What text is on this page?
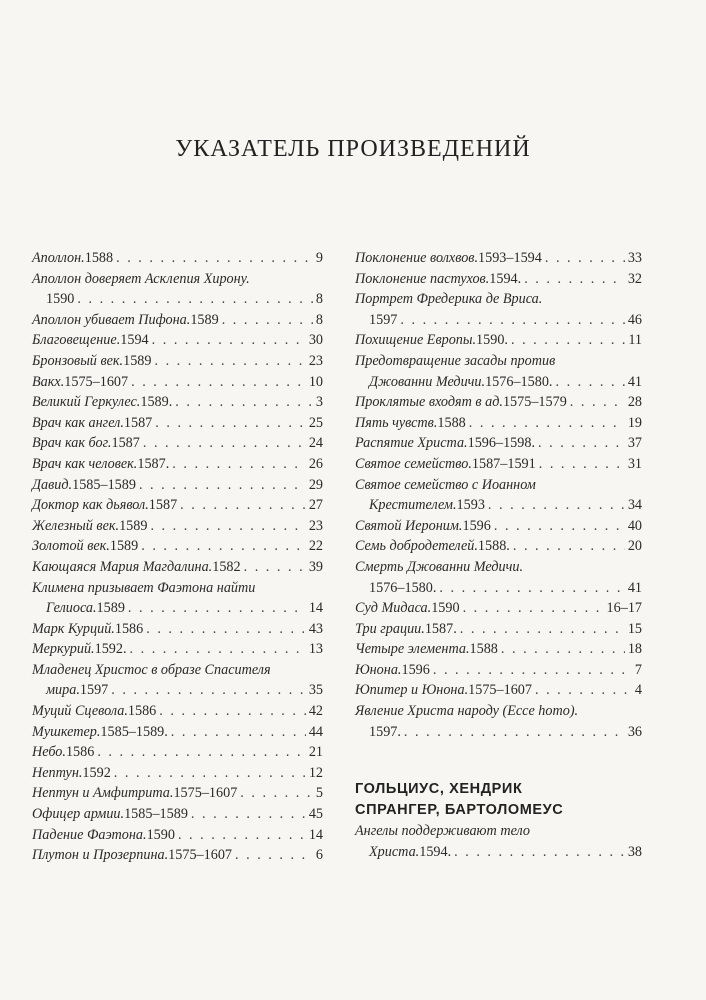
УКАЗАТЕЛЬ ПРОИЗВЕДЕНИЙ
Аполлон. 1588 . . .	9
Аполлон доверяет Асклепия Хирону.
1590 . . .	8
Аполлон убивает Пифона. 1589 . . .	8
Благовещение. 1594 . . .	30
Бронзовый век. 1589 . . .	23
Вакх. 1575–1607 . . .	10
Великий Геркулес. 1589. . . .	3
Врач как ангел. 1587 . . .	25
Врач как бог. 1587 . . .	24
Врач как человек. 1587. . . .	26
Давид. 1585–1589 . . .	29
Доктор как дьявол. 1587 . . .	27
Железный век. 1589 . . .	23
Золотой век. 1589 . . .	22
Кающаяся Мария Магдалина. 1582 . . .	39
Климена призывает Фаэтона найти
Гелиоса. 1589 . . .	14
Марк Курций. 1586 . . .	43
Меркурий. 1592. . . .	13
Младенец Христос в образе Спасителя
мира. 1597 . . .	35
Муций Сцевола. 1586 . . .	42
Мушкетер. 1585–1589. . . .	44
Небо. 1586 . . .	21
Нептун. 1592 . . .	12
Нептун и Амфитрита. 1575–1607 . . .	5
Офицер армии. 1585–1589 . . .	45
Падение Фаэтона. 1590 . . .	14
Плутон и Прозерпина. 1575–1607 . . .	6
Поклонение волхвов. 1593–1594 . . .	33
Поклонение пастухов. 1594. . . .	32
Портрет Фредерика де Вриса.
1597 . . .	46
Похищение Европы. 1590. . . .	11
Предотвращение засады против
Джованни Медичи. 1576–1580. . . .	41
Проклятые входят в ад. 1575–1579 . . .	28
Пять чувств. 1588 . . .	19
Распятие Христа. 1596–1598. . . .	37
Святое семейство. 1587–1591 . . .	31
Святое семейство с Иоанном
Крестителем. 1593 . . .	34
Святой Иероним. 1596 . . .	40
Семь добродетелей. 1588. . . .	20
Смерть Джованни Медичи.
1576–1580. . . .	41
Суд Мидаса. 1590 . . .	16–17
Три грации. 1587. . . .	15
Четыре элемента. 1588 . . .	18
Юнона. 1596 . . .	7
Юпитер и Юнона. 1575–1607 . . .	4
Явление Христа народу (Ecce homo).
1597. . . .	36
ГОЛЬЦИУС, ХЕНДРИК
СПРАНГЕР, БАРТОЛОМЕУС
Ангелы поддерживают тело
Христа. 1594. . . .	38
